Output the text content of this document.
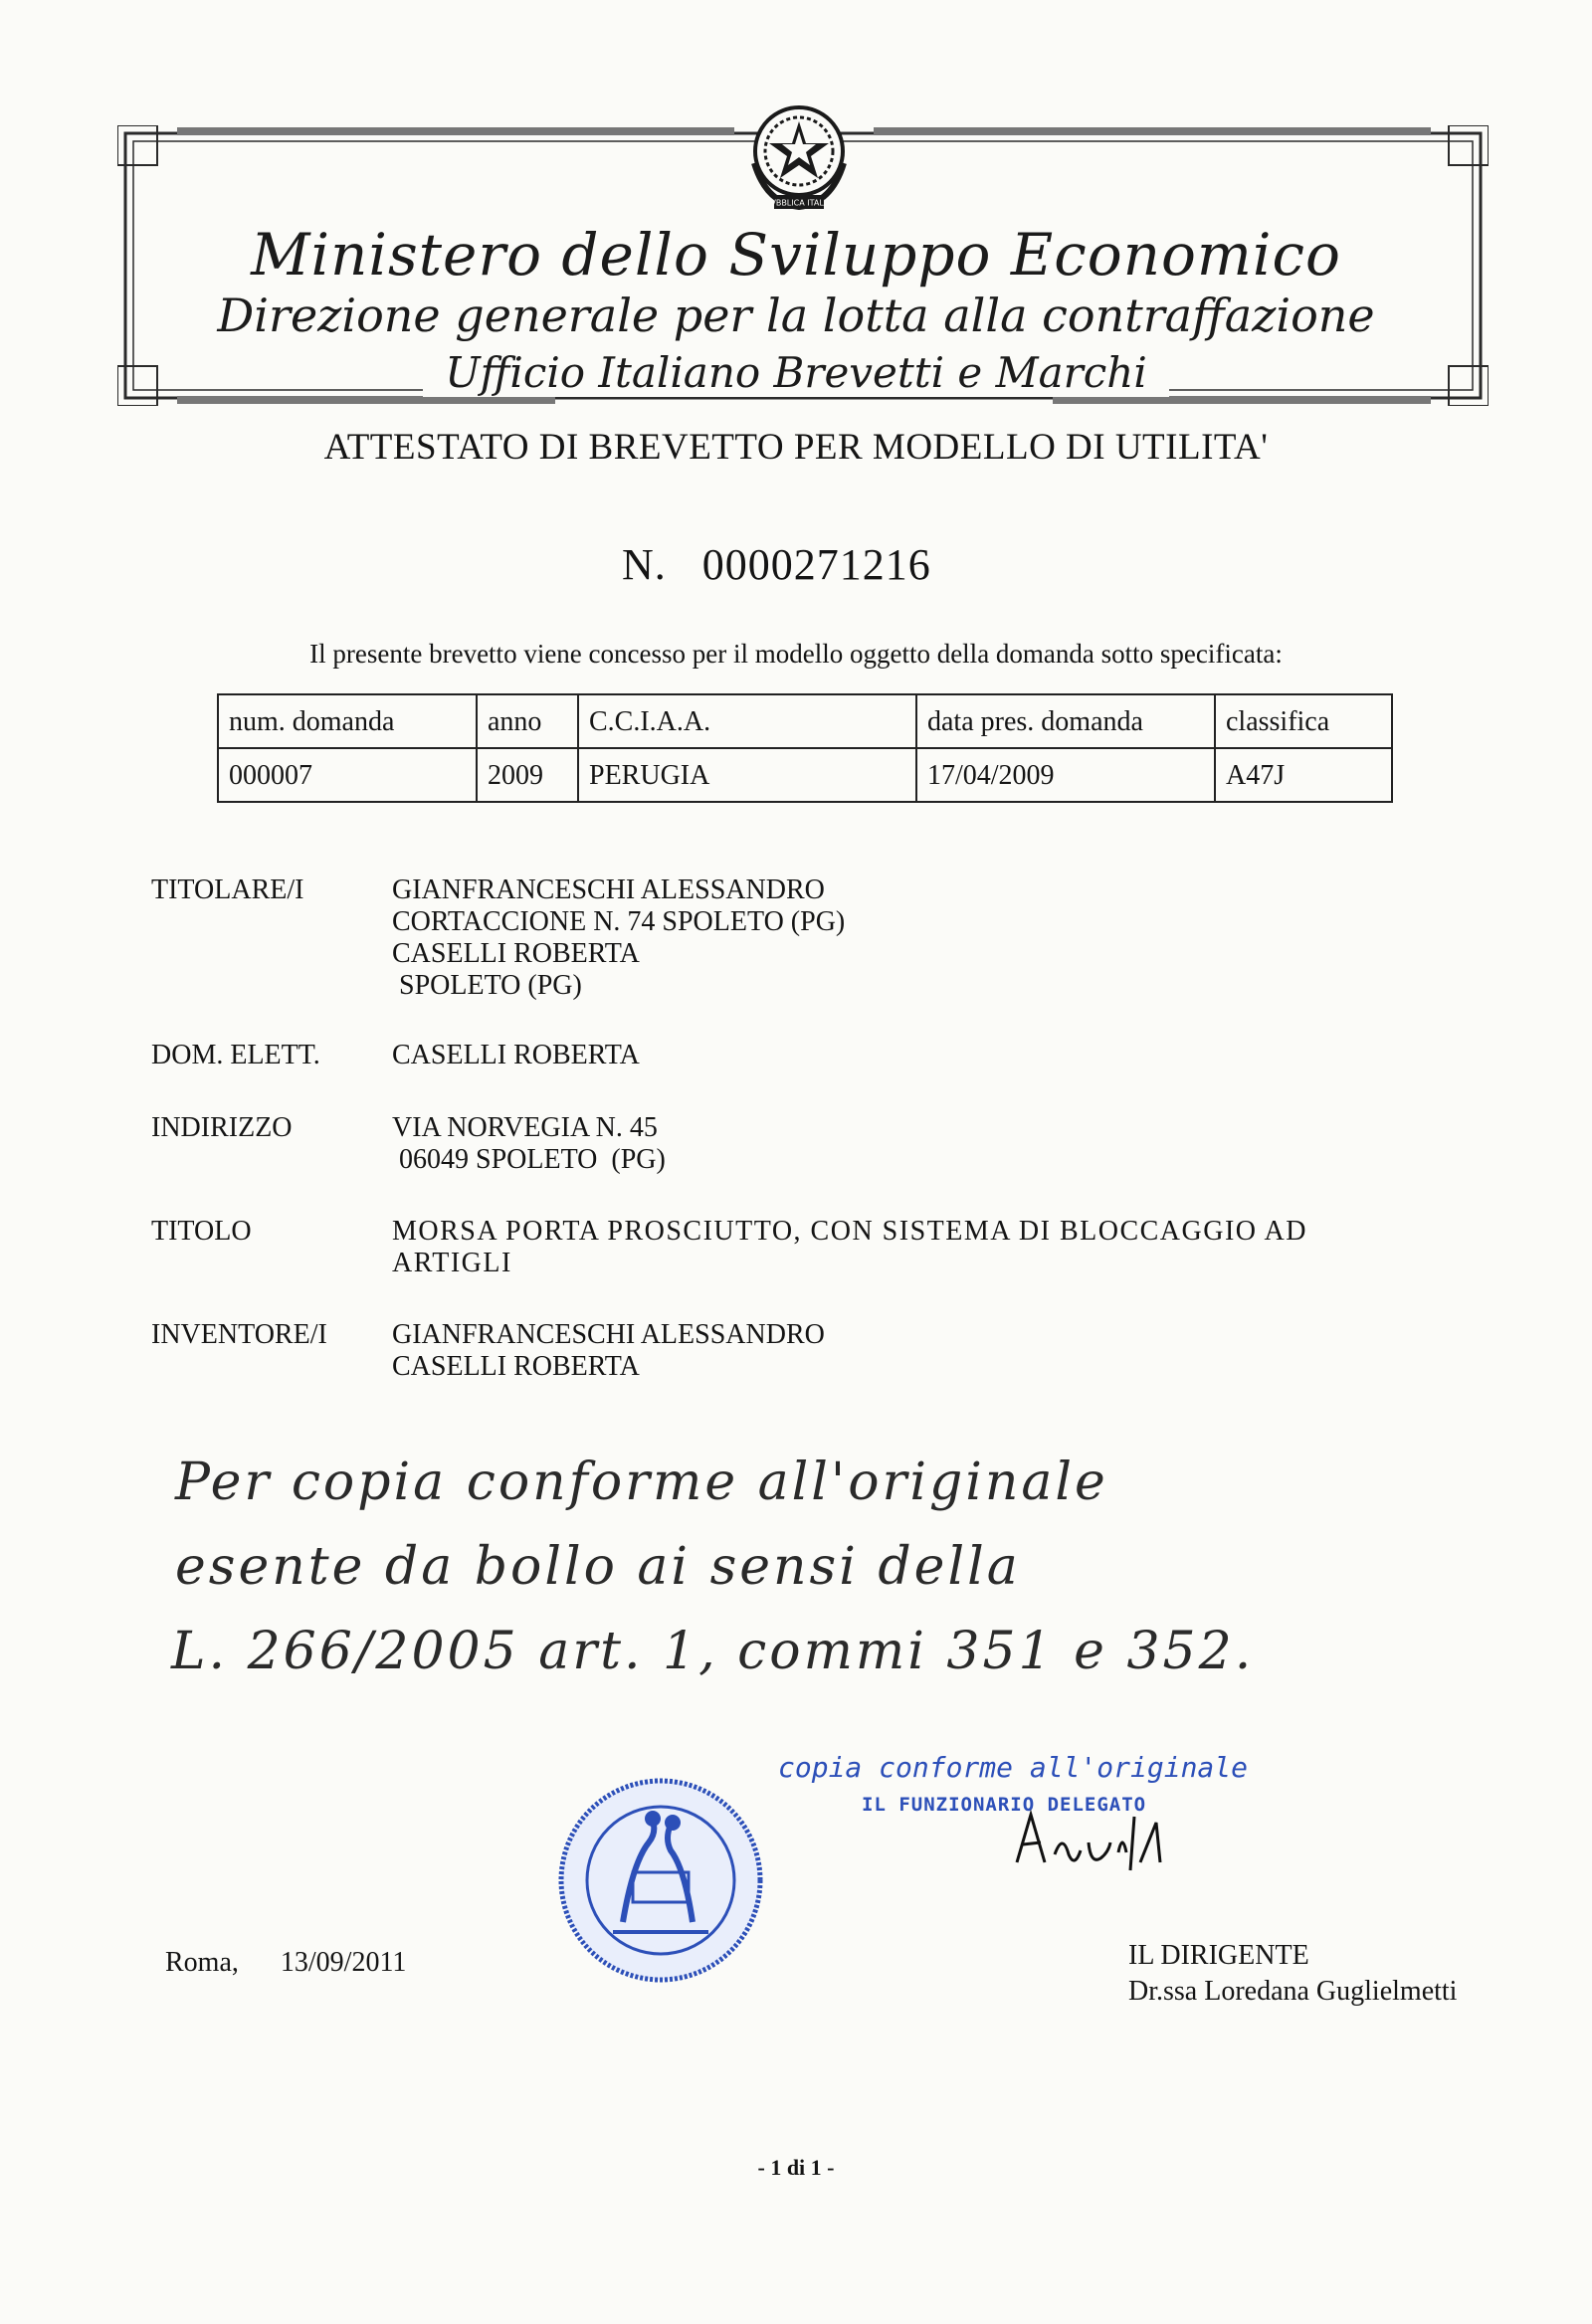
REPVBBLICA ITALIANA
Ministero dello Sviluppo Economico
Direzione generale per la lotta alla contraffazione
Ufficio Italiano Brevetti e Marchi
ATTESTATO DI BREVETTO PER MODELLO DI UTILITA'
N. 0000271216
Il presente brevetto viene concesso per il modello oggetto della domanda sotto specificata:
num. domanda	anno	C.C.I.A.A.	data pres. domanda	classifica
000007	2009	PERUGIA	17/04/2009	A47J
TITOLARE/I	GIANFRANCESCHI ALESSANDRO
CORTACCIONE N. 74 SPOLETO (PG)
CASELLI ROBERTA
SPOLETO (PG)
DOM. ELETT.	CASELLI ROBERTA
INDIRIZZO	VIA NORVEGIA N. 45
06049 SPOLETO  (PG)
TITOLO	MORSA PORTA PROSCIUTTO, CON SISTEMA DI BLOCCAGGIO AD
ARTIGLI
INVENTORE/I GIANFRANCESCHI ALESSANDRO
CASELLI ROBERTA
Per copia conforme all'originale
esente da bollo ai sensi della
L. 266/2005 art. 1, commi 351 e 352.
copia conforme all'originale
IL FUNZIONARIO DELEGATO
Roma, 13/09/2011	IL DIRIGENTE
Dr.ssa Loredana Guglielmetti
- 1 di 1 -
